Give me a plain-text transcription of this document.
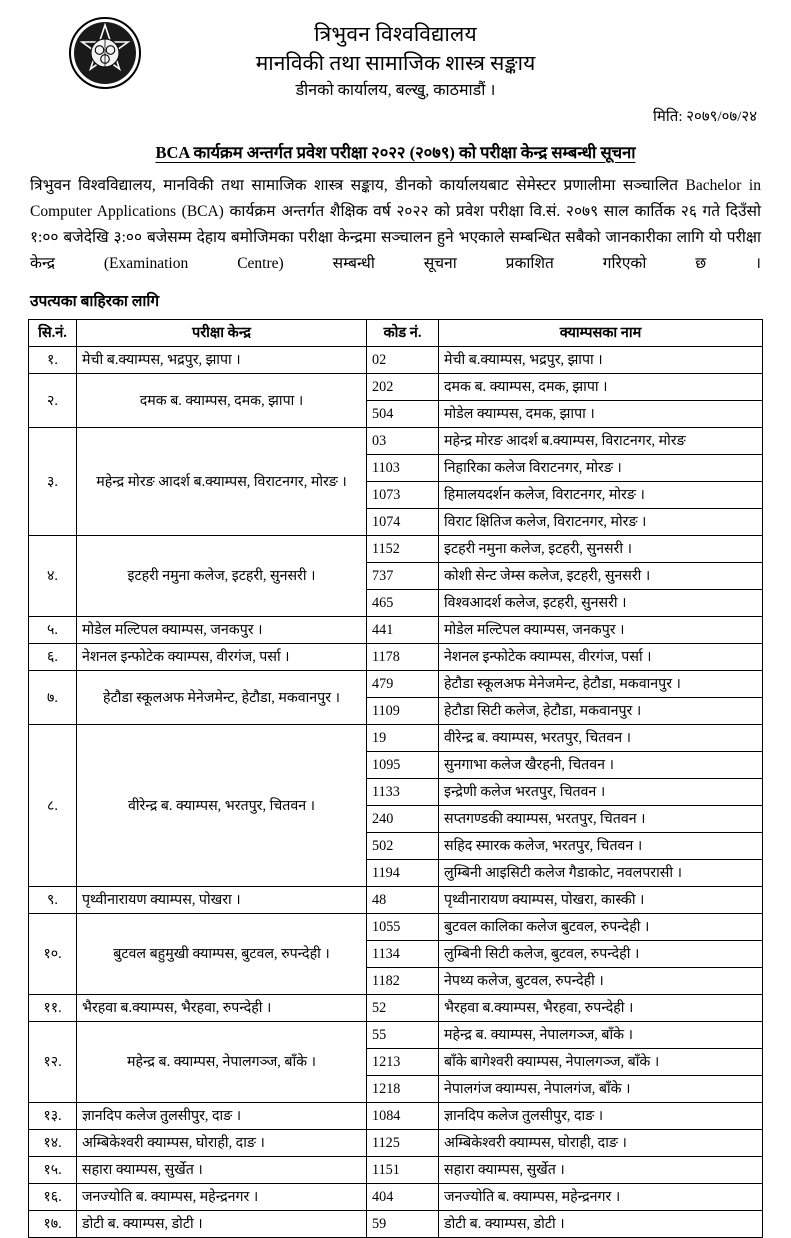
त्रिभुवन विश्वविद्यालय
मानविकी तथा सामाजिक शास्त्र सङ्काय
डीनको कार्यालय, बल्खु, काठमाडौं ।
मिति: २०७९/०७/२४
BCA कार्यक्रम अन्तर्गत प्रवेश परीक्षा २०२२ (२०७९) को परीक्षा केन्द्र सम्बन्धी सूचना
त्रिभुवन विश्वविद्यालय, मानविकी तथा सामाजिक शास्त्र सङ्काय, डीनको कार्यालयबाट सेमेस्टर प्रणालीमा सञ्चालित Bachelor in Computer Applications (BCA) कार्यक्रम अन्तर्गत शैक्षिक वर्ष २०२२ को प्रवेश परीक्षा वि.सं. २०७९ साल कार्तिक २६ गते दिउँसो १:०० बजेदेखि ३:०० बजेसम्म देहाय बमोजिमका परीक्षा केन्द्रमा सञ्चालन हुने भएकाले सम्बन्धित सबैको जानकारीका लागि यो परीक्षा केन्द्र (Examination Centre) सम्बन्धी सूचना प्रकाशित गरिएको छ ।
उपत्यका बाहिरका लागि
सि.नं.	परीक्षा केन्द्र	कोड नं.	क्याम्पसका नाम
१.	मेची ब.क्याम्पस, भद्रपुर, झापा ।	02	मेची ब.क्याम्पस, भद्रपुर, झापा ।
२.	दमक ब. क्याम्पस, दमक, झापा ।	202	दमक ब. क्याम्पस, दमक, झापा ।
		504	मोडेल क्याम्पस, दमक, झापा ।
३.	महेन्द्र मोरङ आदर्श ब.क्याम्पस, विराटनगर, मोरङ ।	03	महेन्द्र मोरङ आदर्श ब.क्याम्पस, विराटनगर, मोरङ
		1103	निहारिका कलेज विराटनगर, मोरङ ।
		1073	हिमालयदर्शन कलेज, विराटनगर, मोरङ ।
		1074	विराट क्षितिज कलेज, विराटनगर, मोरङ ।
४.	इटहरी नमुना कलेज, इटहरी, सुनसरी ।	1152	इटहरी नमुना कलेज, इटहरी, सुनसरी ।
		737	कोशी सेन्ट जेम्स कलेज, इटहरी, सुनसरी ।
		465	विश्वआदर्श कलेज, इटहरी, सुनसरी ।
५.	मोडेल मल्टिपल क्याम्पस, जनकपुर ।	441	मोडेल मल्टिपल क्याम्पस, जनकपुर ।
६.	नेशनल इन्फोटेक क्याम्पस, वीरगंज, पर्सा ।	1178	नेशनल इन्फोटेक क्याम्पस, वीरगंज, पर्सा ।
७.	हेटौडा स्कूलअफ मेनेजमेन्ट, हेटौडा, मकवानपुर ।	479	हेटौडा स्कूलअफ मेनेजमेन्ट, हेटौडा, मकवानपुर ।
		1109	हेटौडा सिटी कलेज, हेटौडा, मकवानपुर ।
८.	वीरेन्द्र ब. क्याम्पस, भरतपुर, चितवन ।	19	वीरेन्द्र ब. क्याम्पस, भरतपुर, चितवन ।
		1095	सुनगाभा कलेज खैरहनी, चितवन ।
		1133	इन्द्रेणी कलेज भरतपुर, चितवन ।
		240	सप्तगण्डकी क्याम्पस, भरतपुर, चितवन ।
		502	सहिद स्मारक कलेज, भरतपुर, चितवन ।
		1194	लुम्बिनी आइसिटी कलेज गैडाकोट, नवलपरासी ।
९.	पृथ्वीनारायण क्याम्पस, पोखरा ।	48	पृथ्वीनारायण क्याम्पस, पोखरा, कास्की ।
१०.	बुटवल बहुमुखी क्याम्पस, बुटवल, रुपन्देही ।	1055	बुटवल कालिका कलेज बुटवल, रुपन्देही ।
		1134	लुम्बिनी सिटी कलेज, बुटवल, रुपन्देही ।
		1182	नेपथ्य कलेज, बुटवल, रुपन्देही ।
११.	भैरहवा ब.क्याम्पस, भैरहवा, रुपन्देही ।	52	भैरहवा ब.क्याम्पस, भैरहवा, रुपन्देही ।
१२.	महेन्द्र ब. क्याम्पस, नेपालगञ्ज, बाँके ।	55	महेन्द्र ब. क्याम्पस, नेपालगञ्ज, बाँके ।
		1213	बाँके बागेश्वरी क्याम्पस, नेपालगञ्ज, बाँके ।
		1218	नेपालगंज क्याम्पस, नेपालगंज, बाँके ।
१३.	ज्ञानदिप कलेज तुलसीपुर, दाङ ।	1084	ज्ञानदिप कलेज तुलसीपुर, दाङ ।
१४.	अम्बिकेश्वरी क्याम्पस, घोराही, दाङ ।	1125	अम्बिकेश्वरी क्याम्पस, घोराही, दाङ ।
१५.	सहारा क्याम्पस, सुर्खेत ।	1151	सहारा क्याम्पस, सुर्खेत ।
१६.	जनज्योति ब. क्याम्पस, महेन्द्रनगर ।	404	जनज्योति ब. क्याम्पस, महेन्द्रनगर ।
१७.	डोटी ब. क्याम्पस, डोटी ।	59	डोटी ब. क्याम्पस, डोटी ।
